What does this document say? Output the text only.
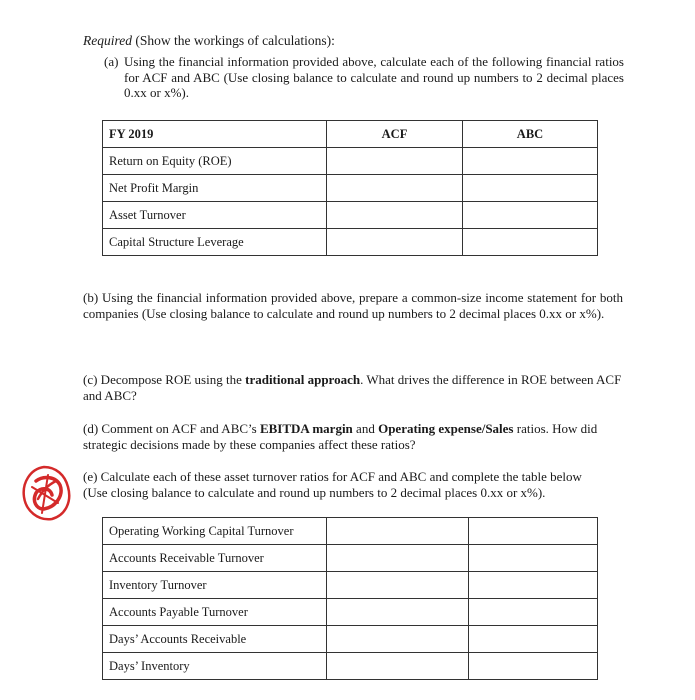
Required (Show the workings of calculations):
(a) Using the financial information provided above, calculate each of the following financial ratios for ACF and ABC (Use closing balance to calculate and round up numbers to 2 decimal places 0.xx or x%).
FY 2019	ACF	ABC
Return on Equity (ROE)		
Net Profit Margin		
Asset Turnover		
Capital Structure Leverage		
(b) Using the financial information provided above, prepare a common-size income statement for both companies (Use closing balance to calculate and round up numbers to 2 decimal places 0.xx or x%).
(c) Decompose ROE using the traditional approach. What drives the difference in ROE between ACF and ABC?
(d) Comment on ACF and ABC’s EBITDA margin and Operating expense/Sales ratios. How did strategic decisions made by these companies affect these ratios?
(e) Calculate each of these asset turnover ratios for ACF and ABC and complete the table below
(Use closing balance to calculate and round up numbers to 2 decimal places 0.xx or x%).
Operating Working Capital Turnover		
Accounts Receivable Turnover		
Inventory Turnover		
Accounts Payable Turnover		
Days’ Accounts Receivable		
Days’ Inventory		
